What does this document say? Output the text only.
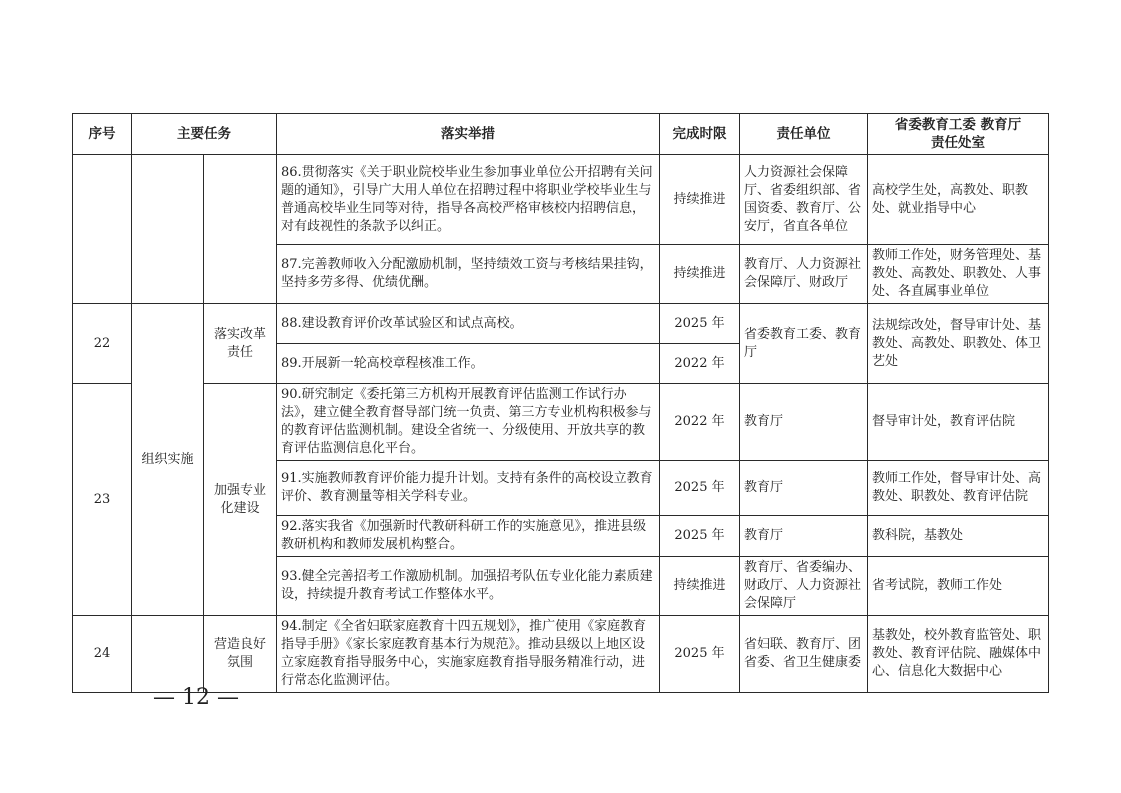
序号	主要任务		落实举措	完成时限	责任单位	省委教育工委 教育厅
责任处室

			86.贯彻落实《关于职业院校毕业生参加事业单位公开招聘有关问题的通知》，引导广大用人单位在招聘过程中将职业学校毕业生与普通高校毕业生同等对待，指导各高校严格审核校内招聘信息，对有歧视性的条款予以纠正。	持续推进	人力资源社会保障厅、省委组织部、省国资委、教育厅、公安厅，省直各单位	高校学生处，高教处、职教处、就业指导中心
			87.完善教师收入分配激励机制，坚持绩效工资与考核结果挂钩，坚持多劳多得、优绩优酬。	持续推进	教育厅、人力资源社会保障厅、财政厅	教师工作处，财务管理处、基教处、高教处、职教处、人事处、各直属事业单位
22	组织实施	落实改革责任	88.建设教育评价改革试验区和试点高校。	2025 年	省委教育工委、教育厅	法规综改处，督导审计处、基教处、高教处、职教处、体卫艺处
			89.开展新一轮高校章程核准工作。	2022 年		
23		加强专业化建设	90.研究制定《委托第三方机构开展教育评估监测工作试行办法》，建立健全教育督导部门统一负责、第三方专业机构积极参与的教育评估监测机制。建设全省统一、分级使用、开放共享的教育评估监测信息化平台。	2022 年	教育厅	督导审计处，教育评估院
			91.实施教师教育评价能力提升计划。支持有条件的高校设立教育评价、教育测量等相关学科专业。	2025 年	教育厅	教师工作处，督导审计处、高教处、职教处、教育评估院
			92.落实我省《加强新时代教研科研工作的实施意见》，推进县级教研机构和教师发展机构整合。	2025 年	教育厅	教科院，基教处
			93.健全完善招考工作激励机制。加强招考队伍专业化能力素质建设，持续提升教育考试工作整体水平。	持续推进	教育厅、省委编办、财政厅、人力资源社会保障厅	省考试院，教师工作处
24		营造良好氛围	94.制定《全省妇联家庭教育十四五规划》，推广使用《家庭教育指导手册》《家长家庭教育基本行为规范》。推动县级以上地区设立家庭教育指导服务中心，实施家庭教育指导服务精准行动，进行常态化监测评估。	2025 年	省妇联、教育厅、团省委、省卫生健康委	基教处，校外教育监管处、职教处、教育评估院、融媒体中心、信息化大数据中心
— 12 —
